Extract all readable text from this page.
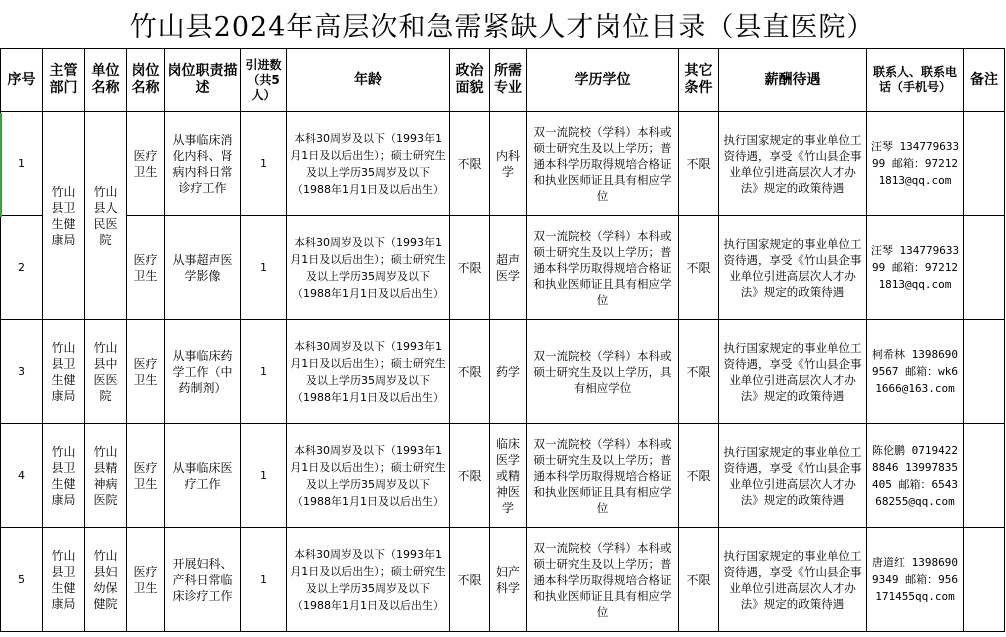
竹山县2024年高层次和急需紧缺人才岗位目录（县直医院）
序号	主管部门	单位名称	岗位名称	岗位职责描述	引进数（共5人）	年龄	政治面貌	所需专业	学历学位	其它条件	薪酬待遇	联系人、联系电话（手机号）	备注
1	竹山县卫生健康局	竹山县人民医院	医疗卫生	从事临床消化内科、肾病内科日常诊疗工作	1	本科30周岁及以下（1993年1月1日及以后出生）；硕士研究生及以上学历35周岁及以下（1988年1月1日及以后出生）	不限	内科学	双一流院校（学科）本科或硕士研究生及以上学历；普通本科学历取得规培合格证和执业医师证且具有相应学位	不限	执行国家规定的事业单位工资待遇，享受《竹山县企事业单位引进高层次人才办法》规定的政策待遇	汪琴 13477963399 邮箱：972121813@qq.com	
2			医疗卫生	从事超声医学影像	1	本科30周岁及以下（1993年1月1日及以后出生）；硕士研究生及以上学历35周岁及以下（1988年1月1日及以后出生）	不限	超声医学	双一流院校（学科）本科或硕士研究生及以上学历；普通本科学历取得规培合格证和执业医师证且具有相应学位	不限	执行国家规定的事业单位工资待遇，享受《竹山县企事业单位引进高层次人才办法》规定的政策待遇	汪琴 13477963399 邮箱：972121813@qq.com	
3	竹山县卫生健康局	竹山县中医医院	医疗卫生	从事临床药学工作（中药制剂）	1	本科30周岁及以下（1993年1月1日及以后出生）；硕士研究生及以上学历35周岁及以下（1988年1月1日及以后出生）	不限	药学	双一流院校（学科）本科或硕士研究生及以上学历，具有相应学位	不限	执行国家规定的事业单位工资待遇，享受《竹山县企事业单位引进高层次人才办法》规定的政策待遇	柯希林 13986909567 邮箱：wk61666@163.com	
4	竹山县卫生健康局	竹山县精神病医院	医疗卫生	从事临床医疗工作	1	本科30周岁及以下（1993年1月1日及以后出生）；硕士研究生及以上学历35周岁及以下（1988年1月1日及以后出生）	不限	临床医学或精神医学	双一流院校（学科）本科或硕士研究生及以上学历；普通本科学历取得规培合格证和执业医师证且具有相应学位	不限	执行国家规定的事业单位工资待遇，享受《竹山县企事业单位引进高层次人才办法》规定的政策待遇	陈伦鹏 07194228846 13997835405 邮箱：654368255@qq.com	
5	竹山县卫生健康局	竹山县妇幼保健院	医疗卫生	开展妇科、产科日常临床诊疗工作	1	本科30周岁及以下（1993年1月1日及以后出生）；硕士研究生及以上学历35周岁及以下（1988年1月1日及以后出生）	不限	妇产科学	双一流院校（学科）本科或硕士研究生及以上学历；普通本科学历取得规培合格证和执业医师证且具有相应学位	不限	执行国家规定的事业单位工资待遇，享受《竹山县企事业单位引进高层次人才办法》规定的政策待遇	唐道红 13986909349 邮箱：956171455qq.com	
